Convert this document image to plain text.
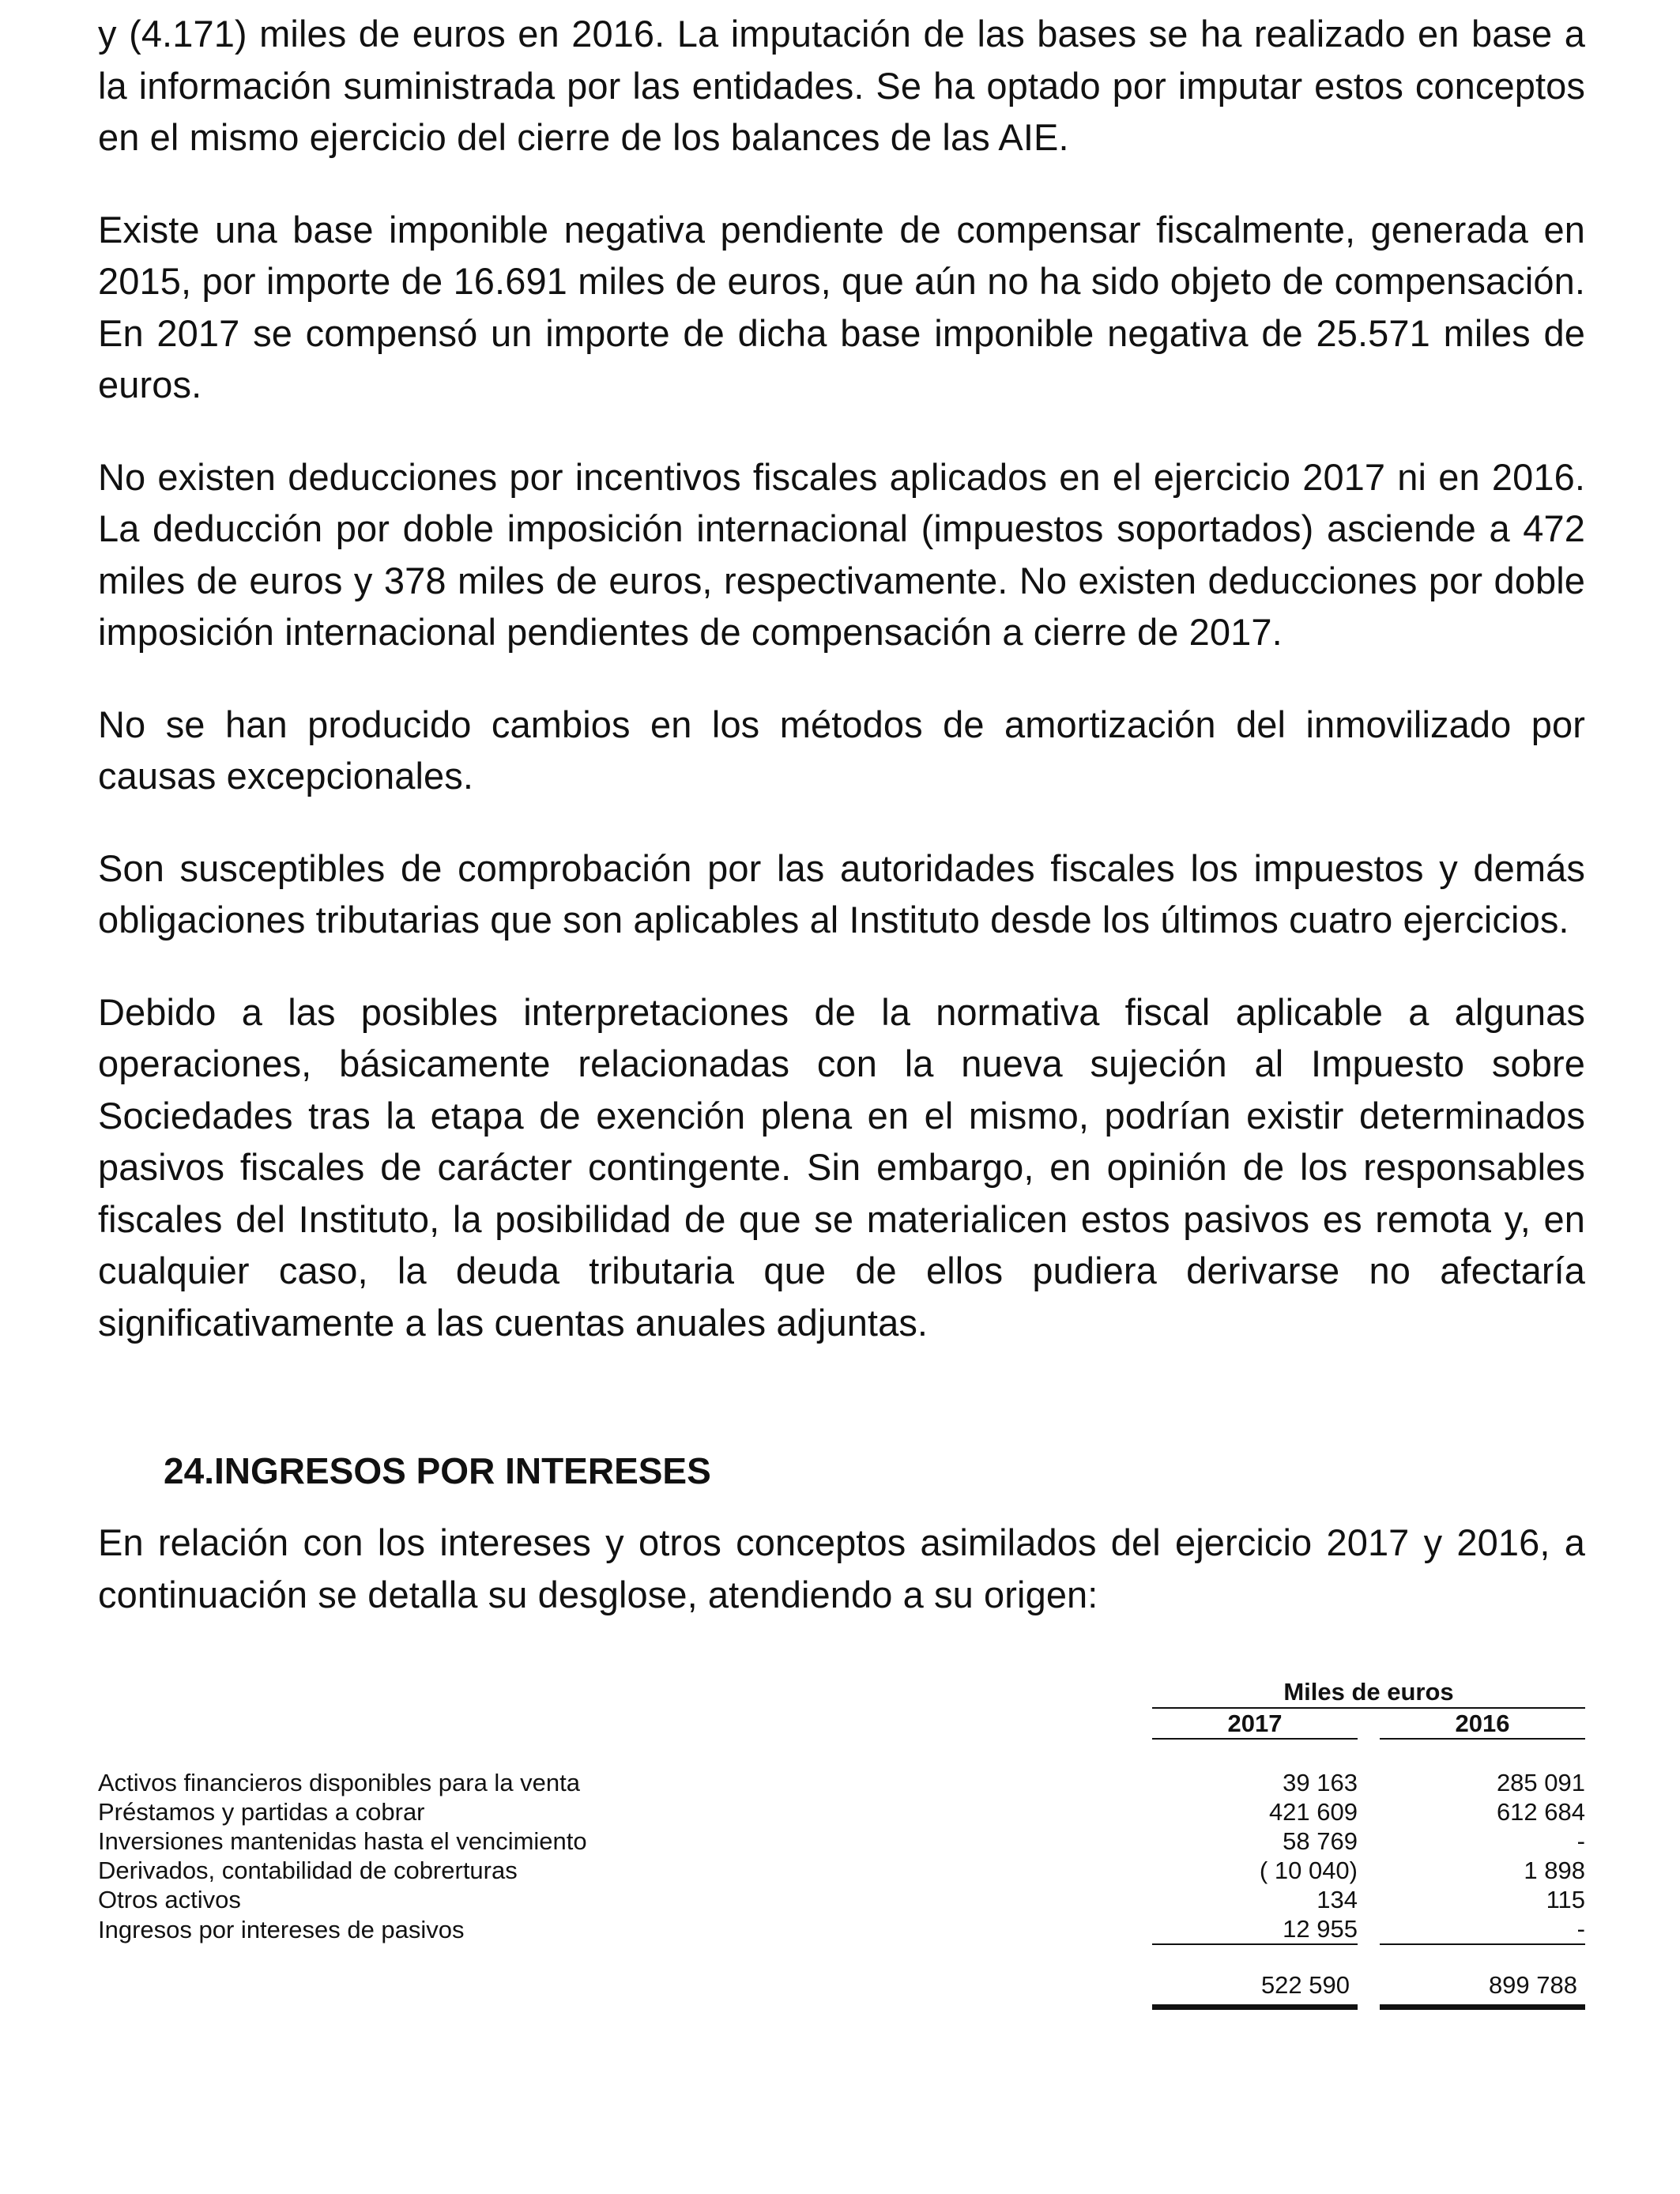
y (4.171) miles de euros en 2016. La imputación de las bases se ha realizado en base a la información suministrada por las entidades. Se ha optado por imputar estos conceptos en el mismo ejercicio del cierre de los balances de las AIE.

Existe una base imponible negativa pendiente de compensar fiscalmente, generada en 2015, por importe de 16.691 miles de euros, que aún no ha sido objeto de compensación. En 2017 se compensó un importe de dicha base imponible negativa de 25.571 miles de euros.

No existen deducciones por incentivos fiscales aplicados en el ejercicio 2017 ni en 2016. La deducción por doble imposición internacional (impuestos soportados) asciende a 472 miles de euros y 378 miles de euros, respectivamente. No existen deducciones por doble imposición internacional pendientes de compensación a cierre de 2017.

No se han producido cambios en los métodos de amortización del inmovilizado por causas excepcionales.

Son susceptibles de comprobación por las autoridades fiscales los impuestos y demás obligaciones tributarias que son aplicables al Instituto desde los últimos cuatro ejercicios.

Debido a las posibles interpretaciones de la normativa fiscal aplicable a algunas operaciones, básicamente relacionadas con la nueva sujeción al Impuesto sobre Sociedades tras la etapa de exención plena en el mismo, podrían existir determinados pasivos fiscales de carácter contingente. Sin embargo, en opinión de los responsables fiscales del Instituto, la posibilidad de que se materialicen estos pasivos es remota y, en cualquier caso, la deuda tributaria que de ellos pudiera derivarse no afectaría significativamente a las cuentas anuales adjuntas.

24.INGRESOS POR INTERESES

En relación con los intereses y otros conceptos asimilados del ejercicio 2017 y 2016, a continuación se detalla su desglose, atendiendo a su origen:

	Miles de euros		
	2017		2016

Activos financieros disponibles para la venta	39 163		285 091
Préstamos y partidas a cobrar	421 609		612 684
Inversiones mantenidas hasta el vencimiento	58 769		-
Derivados, contabilidad de cobrerturas	( 10 040)		1 898
Otros activos	134		115
Ingresos por intereses de pasivos	12 955		-

	522 590		899 788
